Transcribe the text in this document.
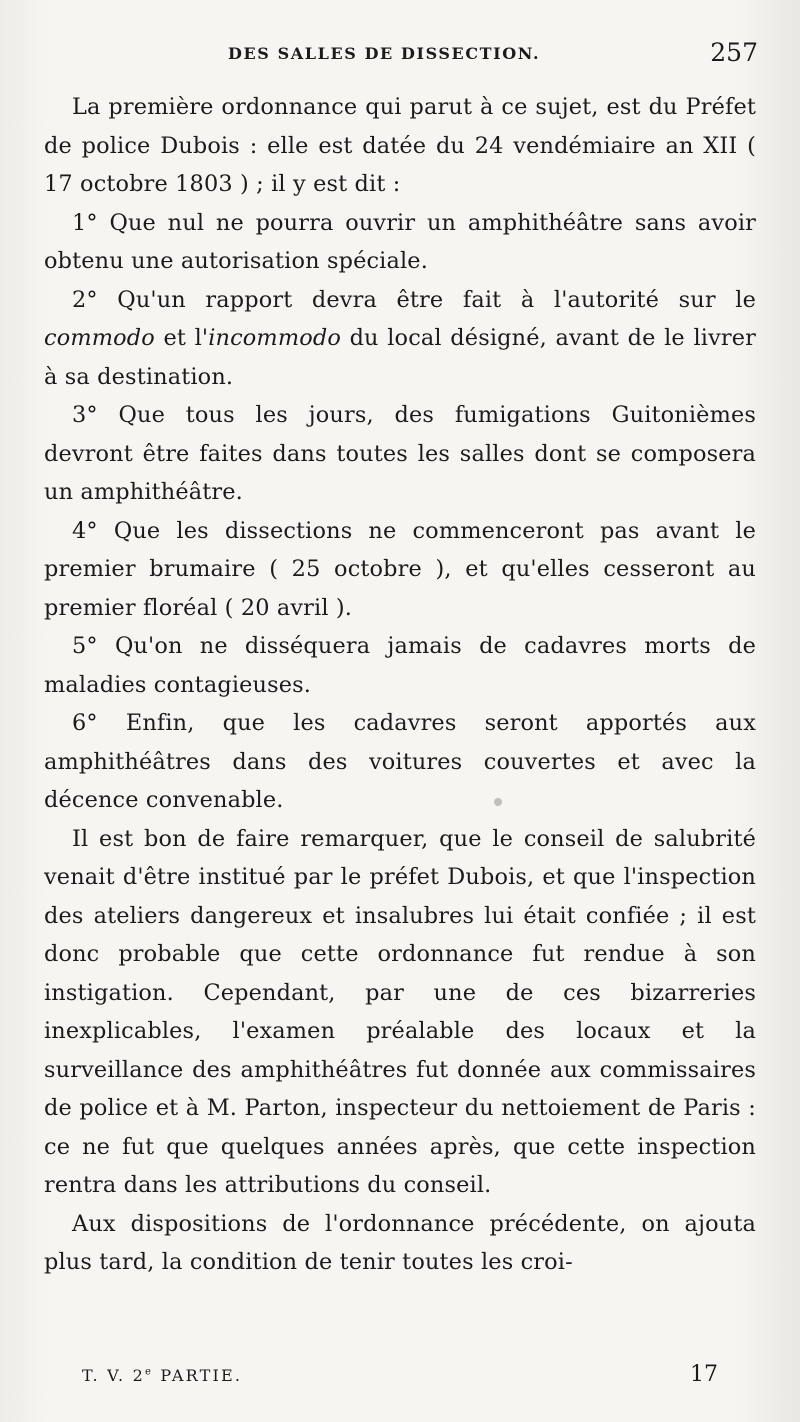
DES SALLES DE DISSECTION.	257

La première ordonnance qui parut à ce sujet, est du Préfet de police Dubois : elle est datée du 24 vendémiaire an XII ( 17 octobre 1803 ) ; il y est dit :

1° Que nul ne pourra ouvrir un amphithéâtre sans avoir obtenu une autorisation spéciale.

2° Qu'un rapport devra être fait à l'autorité sur le commodo et l'incommodo du local désigné, avant de le livrer à sa destination.

3° Que tous les jours, des fumigations Guitonièmes devront être faites dans toutes les salles dont se composera un amphithéâtre.

4° Que les dissections ne commenceront pas avant le premier brumaire ( 25 octobre ), et qu'elles cesseront au premier floréal ( 20 avril ).

5° Qu'on ne disséquera jamais de cadavres morts de maladies contagieuses.

6° Enfin, que les cadavres seront apportés aux amphithéâtres dans des voitures couvertes et avec la décence convenable.

Il est bon de faire remarquer, que le conseil de salubrité venait d'être institué par le préfet Dubois, et que l'inspection des ateliers dangereux et insalubres lui était confiée ; il est donc probable que cette ordonnance fut rendue à son instigation. Cependant, par une de ces bizarreries inexplicables, l'examen préalable des locaux et la surveillance des amphithéâtres fut donnée aux commissaires de police et à M. Parton, inspecteur du nettoiement de Paris : ce ne fut que quelques années après, que cette inspection rentra dans les attributions du conseil.

Aux dispositions de l'ordonnance précédente, on ajouta plus tard, la condition de tenir toutes les croi-

T. V. 2e PARTIE.	17
